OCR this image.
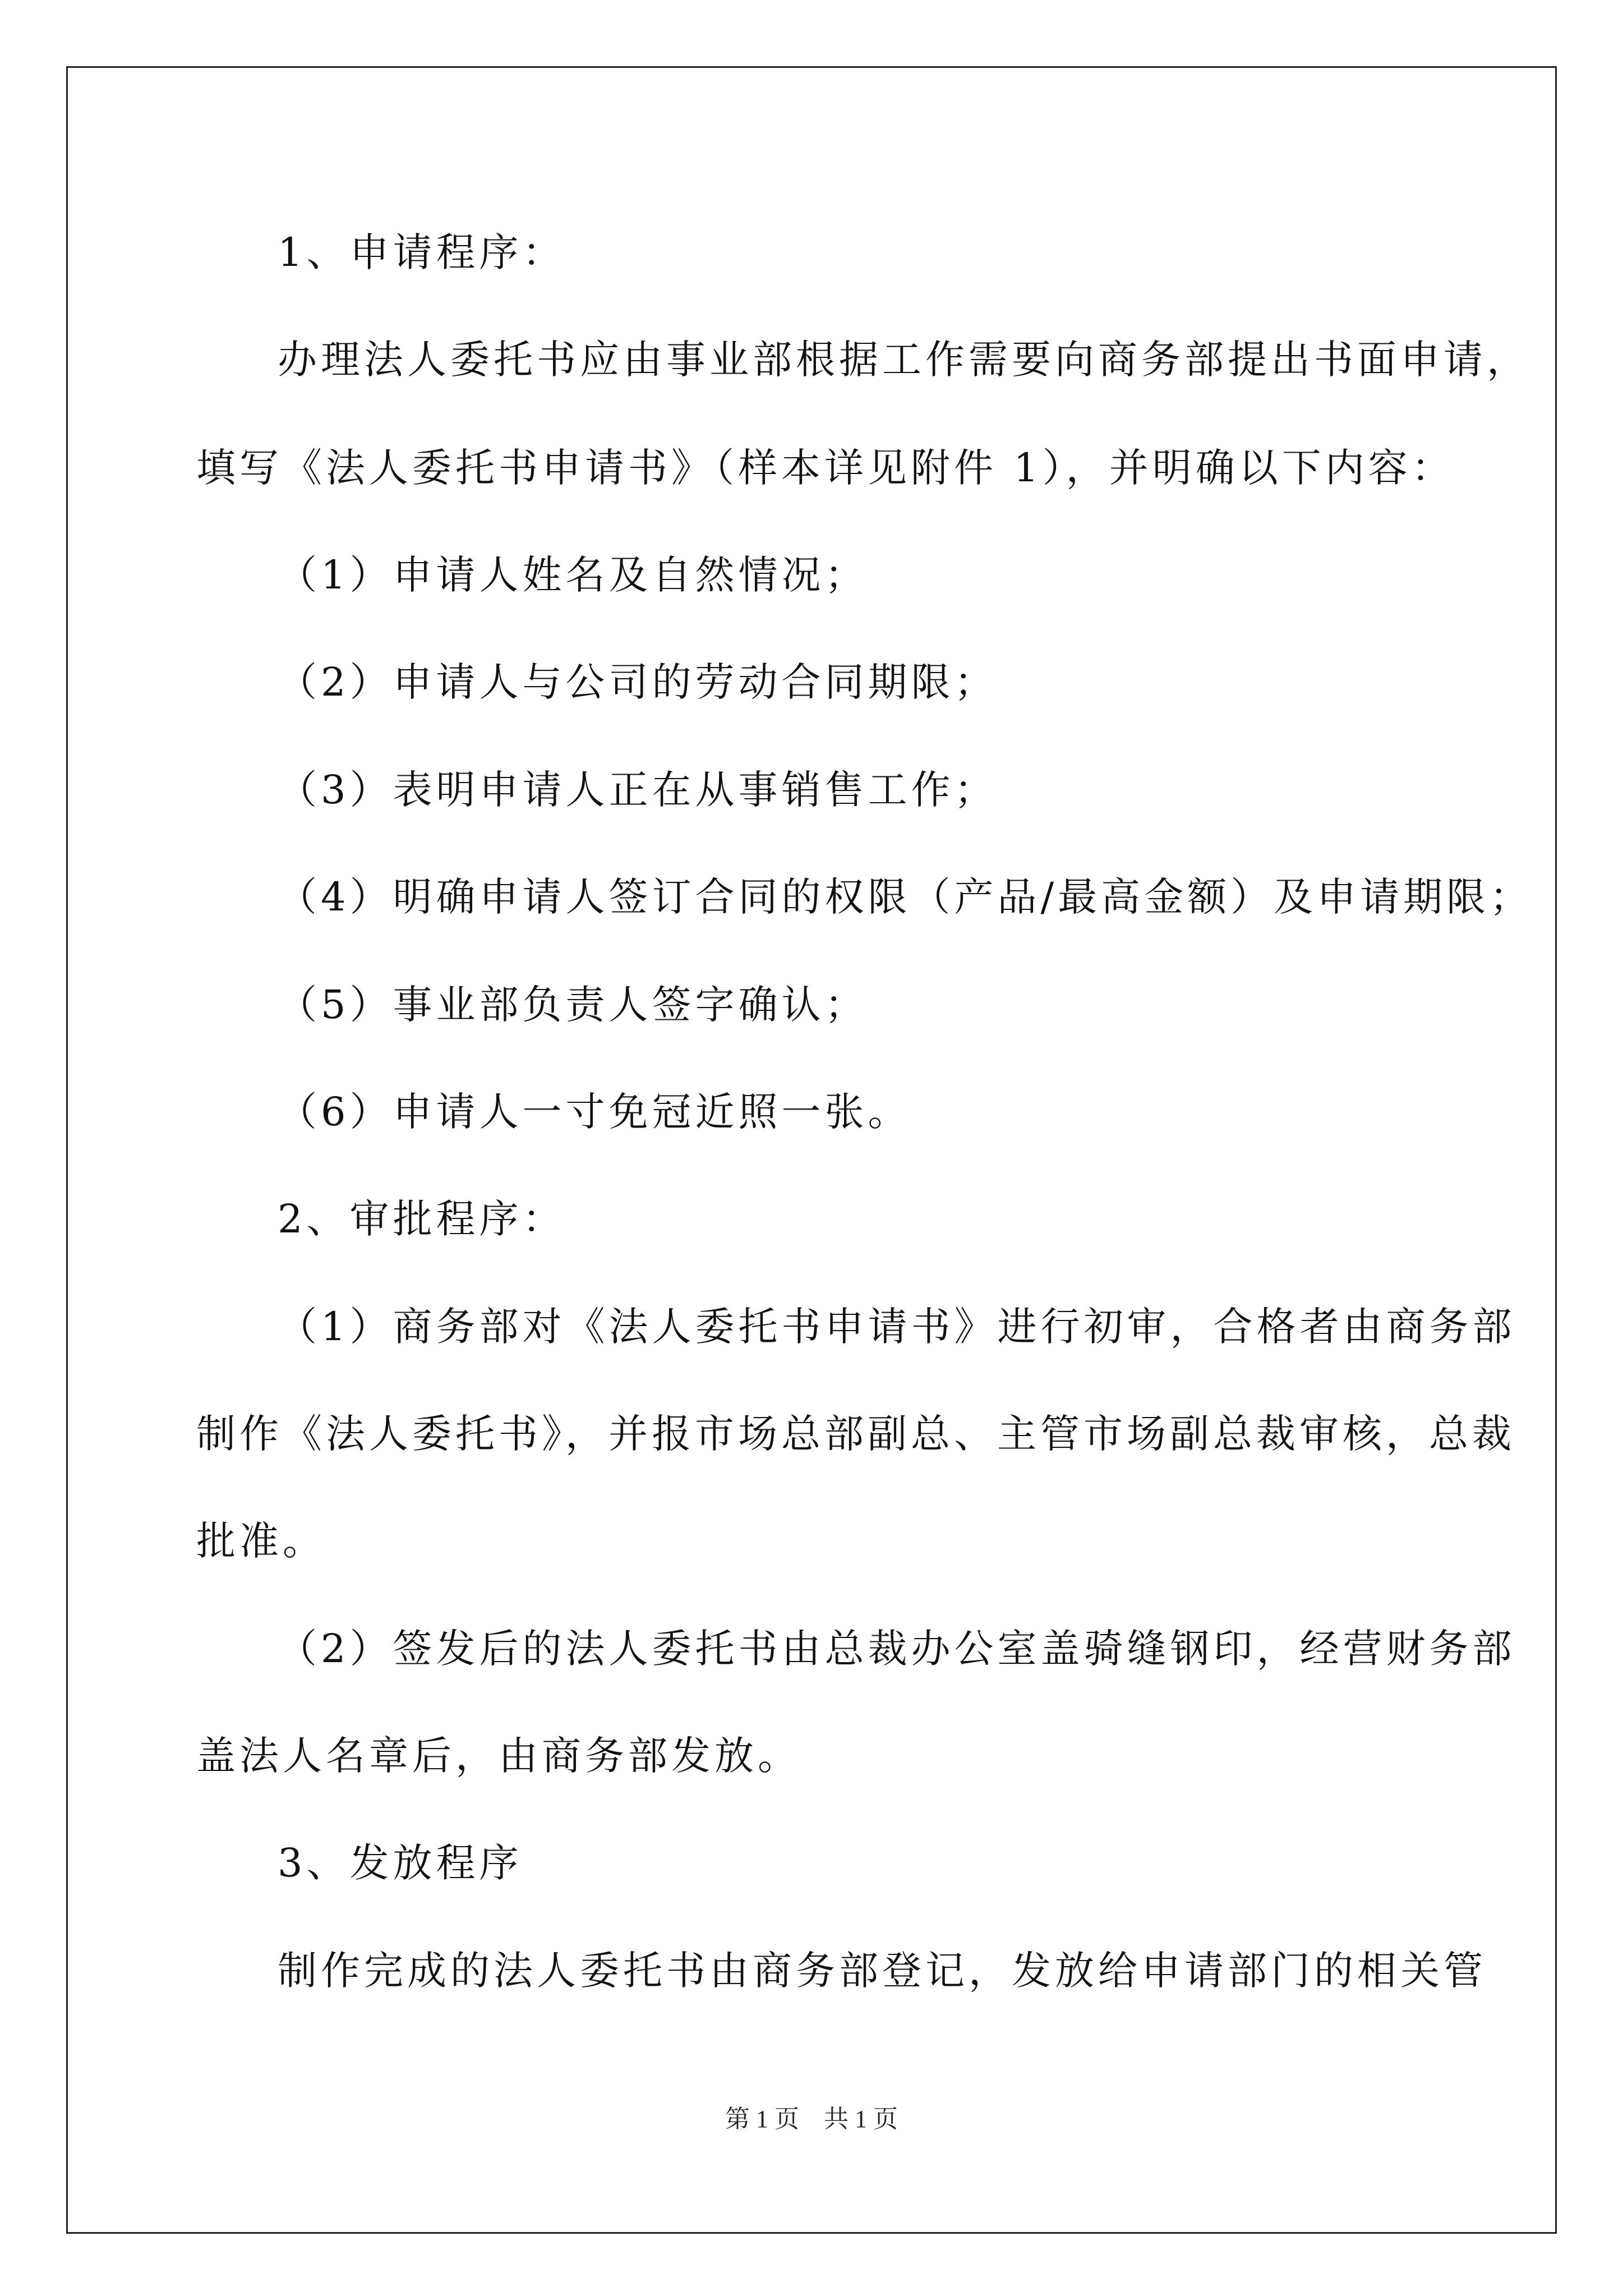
1、申请程序：

办理法人委托书应由事业部根据工作需要向商务部提出书面申请，

填写《法人委托书申请书》（样本详见附件 1），并明确以下内容：

（1）申请人姓名及自然情况；

（2）申请人与公司的劳动合同期限；

（3）表明申请人正在从事销售工作；

（4）明确申请人签订合同的权限（产品/最高金额）及申请期限；

（5）事业部负责人签字确认；

（6）申请人一寸免冠近照一张。

2、审批程序：

（1）商务部对《法人委托书申请书》进行初审，合格者由商务部

制作《法人委托书》，并报市场总部副总、主管市场副总裁审核，总裁

批准。

（2）签发后的法人委托书由总裁办公室盖骑缝钢印，经营财务部

盖法人名章后，由商务部发放。

3、发放程序

制作完成的法人委托书由商务部登记，发放给申请部门的相关管

第 1 页　共 1 页
